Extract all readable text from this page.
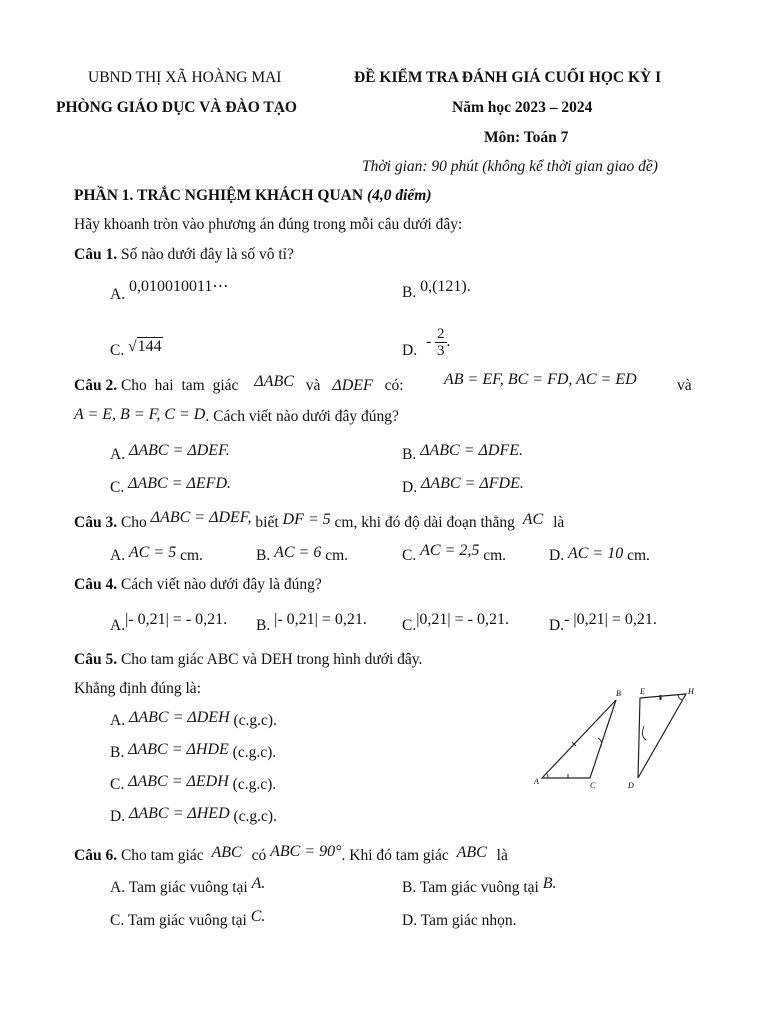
UBND THỊ XÃ HOÀNG MAI
PHÒNG GIÁO DỤC VÀ ĐÀO TẠO
ĐỀ KIỂM TRA ĐÁNH GIÁ CUỐI HỌC KỲ I
Năm học 2023 – 2024
Môn: Toán 7
Thời gian: 90 phút (không kể thời gian giao đề)
PHẦN 1. TRẮC NGHIỆM KHÁCH QUAN (4,0 điểm)
Hãy khoanh tròn vào phương án đúng trong mỗi câu dưới đây:
Câu 1. Số nào dưới đây là số vô tỉ?
A. 0,010010011⋯	B. 0,(121).
C. √144	D.
- $\frac{2}{3}$ .
Câu 2. Cho hai tam giác ΔABC và ΔDEF có:	AB = EF, BC = FD, AC = ED	và
A = E, B = F, C = D. Cách viết nào dưới đây đúng?
A. ΔABC = ΔDEF.	B. ΔABC = ΔDFE.
C. ΔABC = ΔEFD.	D. ΔABC = ΔFDE.
Câu 3. Cho ΔABC = ΔDEF, biết DF = 5 cm, khi đó độ dài đoạn thẳng AC là
A. AC = 5 cm.	B. AC = 6 cm.	C. AC = 2,5 cm.	D. AC = 10 cm.
Câu 4. Cách viết nào dưới đây là đúng?
A.|- 0,21| = - 0,21. B. |- 0,21| = 0,21. C.|0,21| = - 0,21.	D.- |0,21| = 0,21.
Câu 5. Cho tam giác ABC và DEH trong hình dưới đây.
Khẳng định đúng là:
A. ΔABC = ΔDEH (c.g.c).
B. ΔABC = ΔHDE (c.g.c).
C. ΔABC = ΔEDH (c.g.c).
D. ΔABC = ΔHED (c.g.c).
B
A	C
E	H
D
Câu 6. Cho tam giác ABC có ABC = 90°. Khi đó tam giác ABC là
A. Tam giác vuông tại A.	B. Tam giác vuông tại B.
C. Tam giác vuông tại C.	D. Tam giác nhọn.
